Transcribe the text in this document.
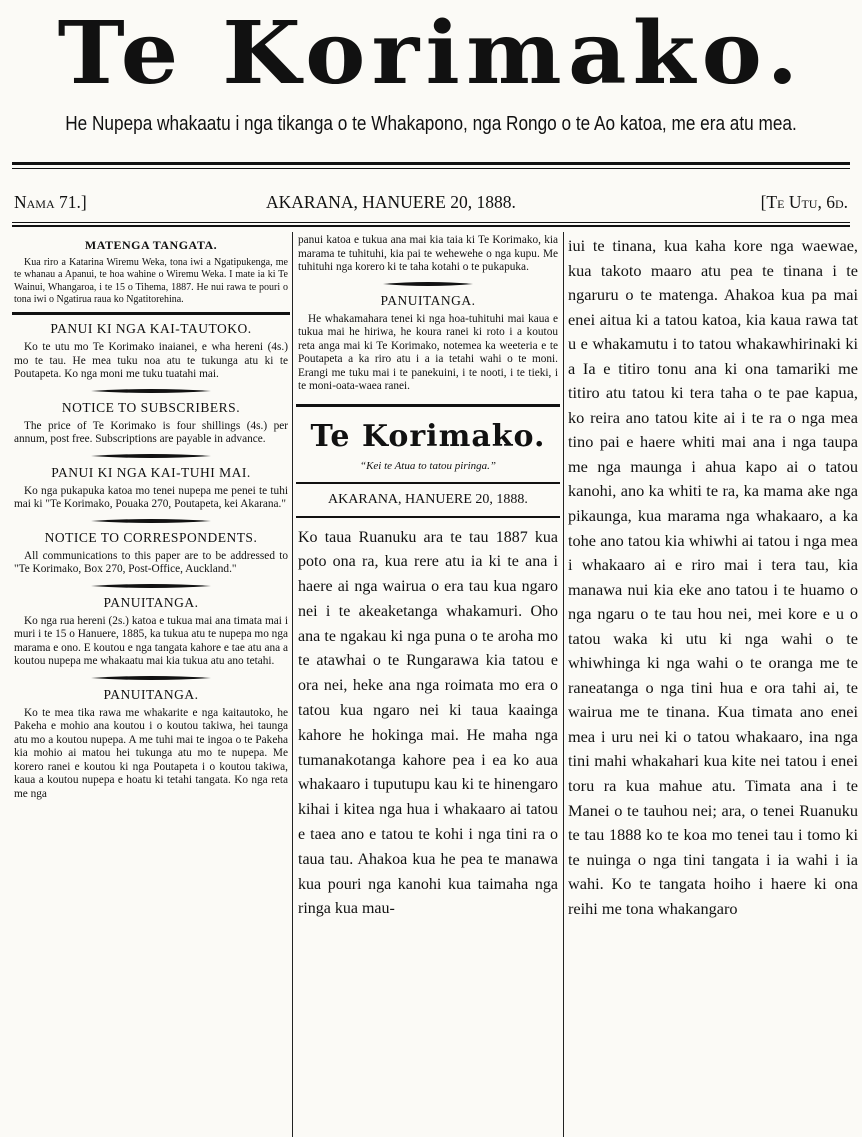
Te Korimako.
He Nupepa whakaatu i nga tikanga o te Whakapono, nga Rongo o te Ao katoa, me era atu mea.
Nama 71.]	AKARANA, HANUERE 20, 1888.	[Te Utu, 6d.
MATENGA TANGATA.

Kua riro a Katarina Wiremu Weka, tona iwi a Ngatipukenga, me te whanau a Apanui, te hoa wahine o Wiremu Weka. I mate ia ki Te Wainui, Whangaroa, i te 15 o Tihema, 1887. He nui rawa te pouri o tona iwi o Ngatirua raua ko Ngatitorehina.

PANUI KI NGA KAI-TAUTOKO.

Ko te utu mo Te Korimako inaianei, e wha hereni (4s.) mo te tau. He mea tuku noa atu te tukunga atu ki te Poutapeta. Ko nga moni me tuku tuatahi mai.

NOTICE TO SUBSCRIBERS.

The price of Te Korimako is four shillings (4s.) per annum, post free. Subscriptions are payable in advance.

PANUI KI NGA KAI-TUHI MAI.

Ko nga pukapuka katoa mo tenei nupepa me penei te tuhi mai ki "Te Korimako, Pouaka 270, Poutapeta, kei Akarana."

NOTICE TO CORRESPONDENTS.

All communications to this paper are to be addressed to "Te Korimako, Box 270, Post-Office, Auckland."

PANUITANGA.

Ko nga rua hereni (2s.) katoa e tukua mai ana timata mai i muri i te 15 o Hanuere, 1885, ka tukua atu te nupepa mo nga marama e ono. E koutou e nga tangata kahore e tae atu ana a koutou nupepa me whakaatu mai kia tukua atu ano tetahi.

PANUITANGA.

Ko te mea tika rawa me whakarite e nga kaitautoko, he Pakeha e mohio ana koutou i o koutou takiwa, hei taunga atu mo a koutou nupepa. A me tuhi mai te ingoa o te Pakeha kia mohio ai matou hei tukunga atu mo te nupepa. Me korero ranei e koutou ki nga Poutapeta i o koutou takiwa, kaua a koutou nupepa e hoatu ki tetahi tangata. Ko nga reta me nga

panui katoa e tukua ana mai kia taia ki Te Korimako, kia marama te tuhituhi, kia pai te wehewehe o nga kupu. Me tuhituhi nga korero ki te taha kotahi o te pukapuka.

PANUITANGA.

He whakamahara tenei ki nga hoa-tuhituhi mai kaua e tukua mai he hiriwa, he koura ranei ki roto i a koutou reta anga mai ki Te Korimako, notemea ka weeteria e te Poutapeta a ka riro atu i a ia tetahi wahi o te moni. Erangi me tuku mai i te panekuini, i te nooti, i te tieki, i te moni-oata-waea ranei.

Te Korimako.
“Kei te Atua to tatou piringa.”
AKARANA, HANUERE 20, 1888.

Ko taua Ruanuku ara te tau 1887 kua poto ona ra, kua rere atu ia ki te ana i haere ai nga wairua o era tau kua ngaro nei i te akeaketanga whakamuri. Oho ana te ngakau ki nga puna o te aroha mo te atawhai o te Rungarawa kia tatou e ora nei, heke ana nga roimata mo era o tatou kua ngaro nei ki taua kaainga kahore he hokinga mai. He maha nga tumanakotanga kahore pea i ea ko aua whakaaro i tuputupu kau ki te hinengaro kihai i kitea nga hua i whakaaro ai tatou e taea ano e tatou te kohi i nga tini ra o taua tau. Ahakoa kua he pea te manawa kua pouri nga kanohi kua taimaha nga ringa kua mau-

iui te tinana, kua kaha kore nga waewae, kua takoto maaro atu pea te tinana i te ngaruru o te matenga. Ahakoa kua pa mai enei aitua ki a tatou katoa, kia kaua rawa tat u e whakamutu i to tatou whakawhirinaki ki a Ia e titiro tonu ana ki ona tamariki me titiro atu tatou ki tera taha o te pae kapua, ko reira ano tatou kite ai i te ra o nga mea tino pai e haere whiti mai ana i nga taupa me nga maunga i ahua kapo ai o tatou kanohi, ano ka whiti te ra, ka mama ake nga pikaunga, kua marama nga whakaaro, a ka tohe ano tatou kia whiwhi ai tatou i nga mea i whakaaro ai e riro mai i tera tau, kia manawa nui kia eke ano tatou i te huamo o nga ngaru o te tau hou nei, mei kore e u o tatou waka ki utu ki nga wahi o te whiwhinga ki nga wahi o te oranga me te raneatanga o nga tini hua e ora tahi ai, te wairua me te tinana. Kua timata ano enei mea i uru nei ki o tatou whakaaro, ina nga tini mahi whakahari kua kite nei tatou i enei toru ra kua mahue atu. Timata ana i te Manei o te tauhou nei; ara, o tenei Ruanuku te tau 1888 ko te koa mo tenei tau i tomo ki te nuinga o nga tini tangata i ia wahi i ia wahi. Ko te tangata hoiho i haere ki ona reihi me tona whakangaro
